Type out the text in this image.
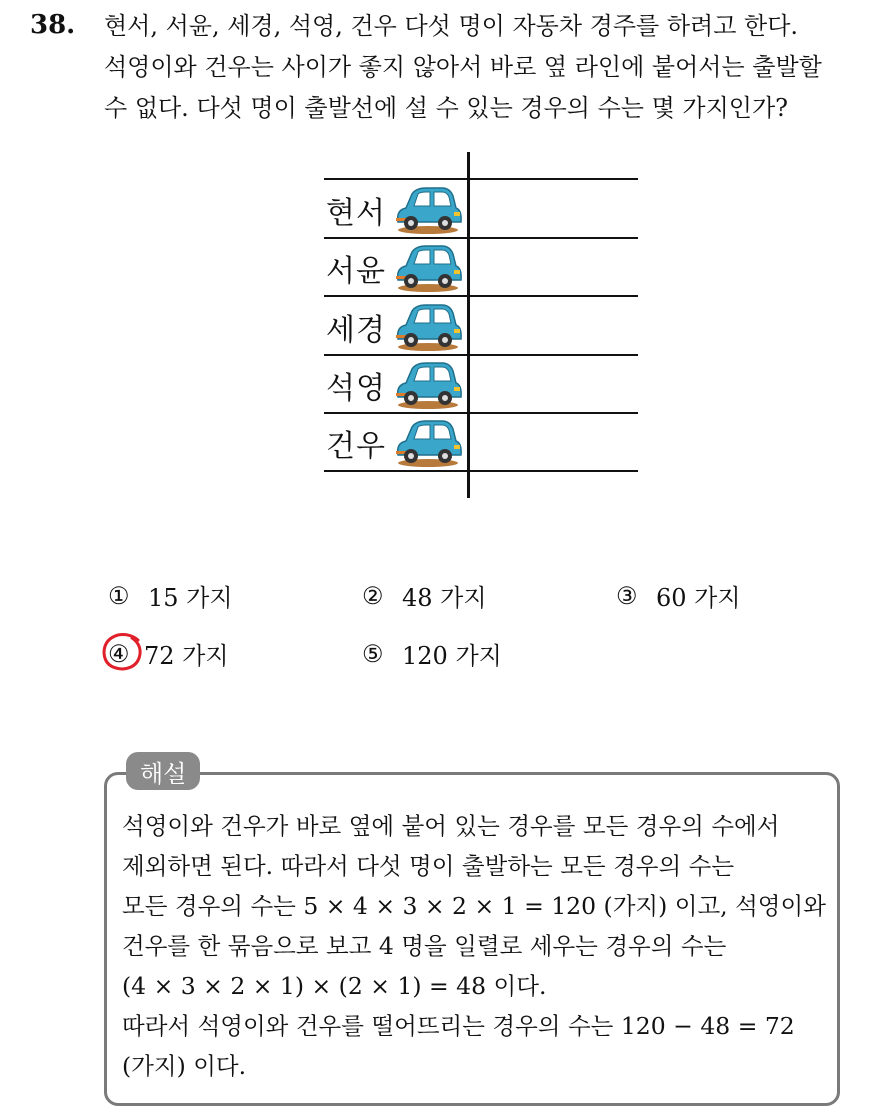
38. 현서, 서윤, 세경, 석영, 건우 다섯 명이 자동차 경주를 하려고 한다.
석영이와 건우는 사이가 좋지 않아서 바로 옆 라인에 붙어서는 출발할
수 없다. 다섯 명이 출발선에 설 수 있는 경우의 수는 몇 가지인가?

현서
서윤
세경
석영
건우
① 15 가지	② 48 가지	③ 60 가지
④ 72 가지	⑤ 120 가지
해설
석영이와 건우가 바로 옆에 붙어 있는 경우를 모든 경우의 수에서
제외하면 된다. 따라서 다섯 명이 출발하는 모든 경우의 수는
모든 경우의 수는 5 × 4 × 3 × 2 × 1 = 120 (가지) 이고, 석영이와
건우를 한 묶음으로 보고 4 명을 일렬로 세우는 경우의 수는
(4 × 3 × 2 × 1) × (2 × 1) = 48 이다.
따라서 석영이와 건우를 떨어뜨리는 경우의 수는 120 − 48 = 72
(가지) 이다.
